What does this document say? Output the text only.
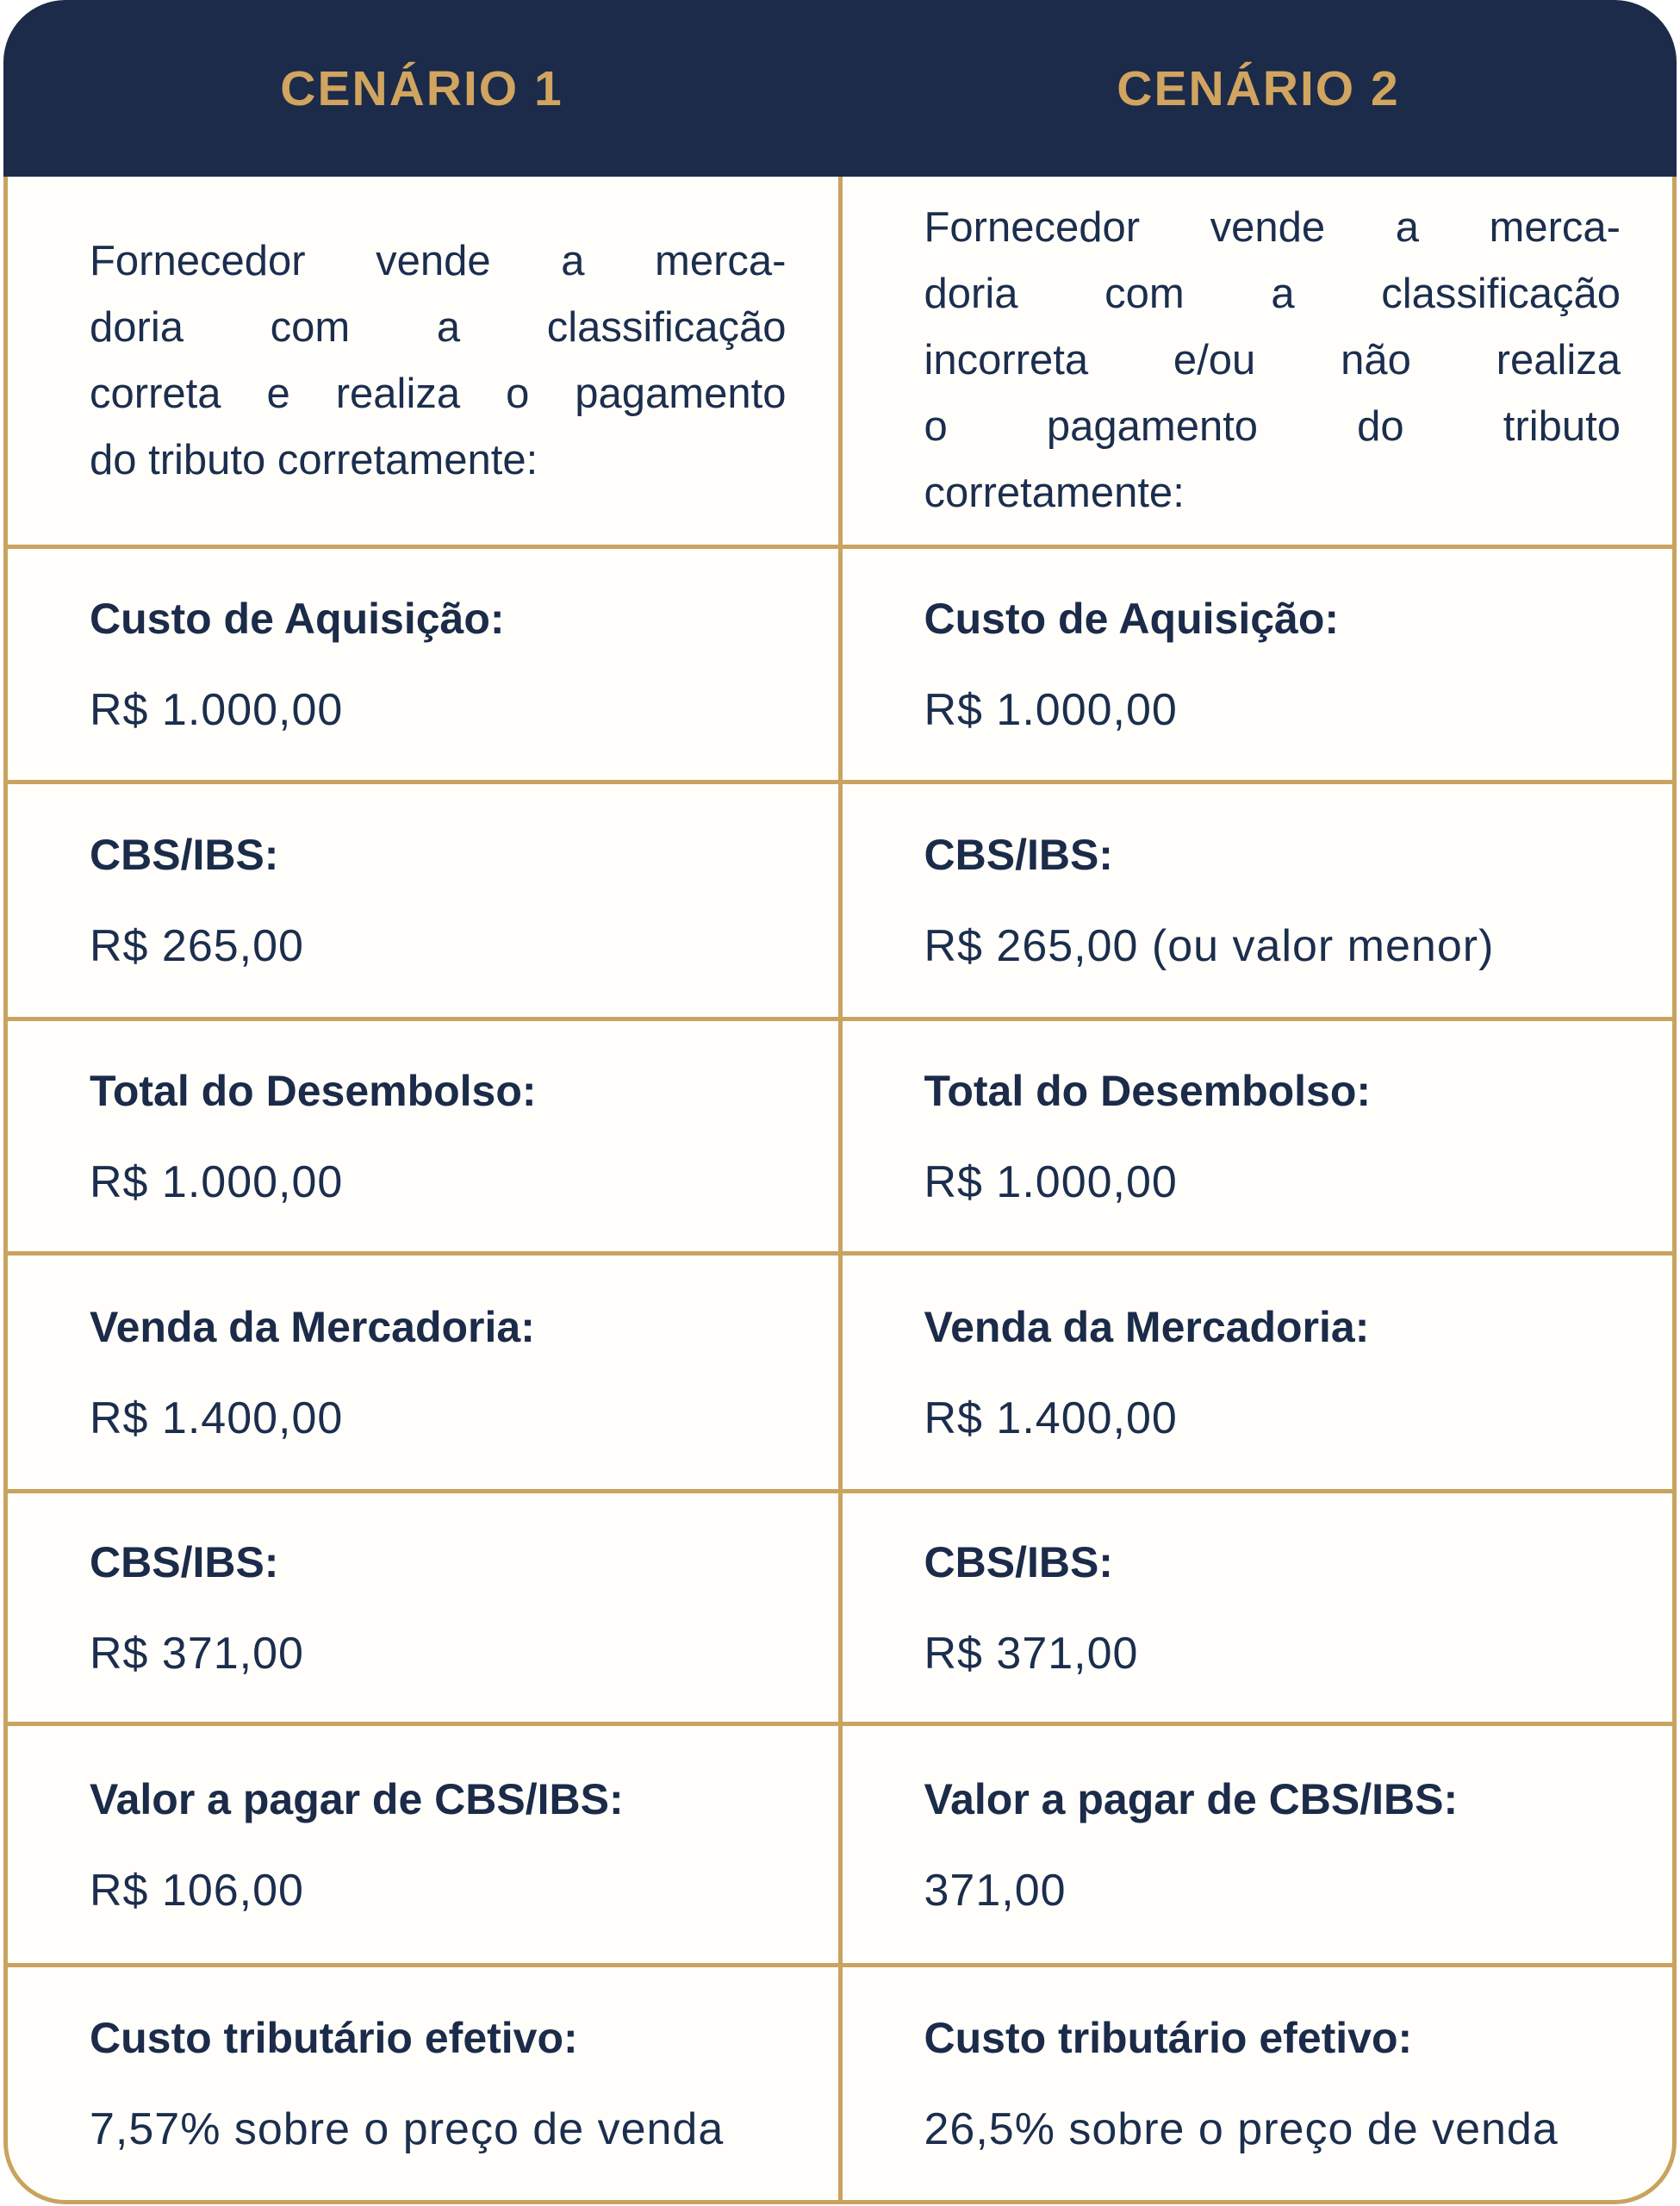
CENÁRIO 1	CENÁRIO 2
Fornecedor vende a merca-
doria com a classificação
correta e realiza o pagamento
do tributo corretamente:
Fornecedor vende a merca-
doria com a classificação
incorreta e/ou não realiza
o pagamento do tributo
corretamente:
Custo de Aquisição:
R$ 1.000,00
Custo de Aquisição:
R$ 1.000,00
CBS/IBS:
R$ 265,00
CBS/IBS:
R$ 265,00 (ou valor menor)
Total do Desembolso:
R$ 1.000,00
Total do Desembolso:
R$ 1.000,00
Venda da Mercadoria:
R$ 1.400,00
Venda da Mercadoria:
R$ 1.400,00
CBS/IBS:
R$ 371,00
CBS/IBS:
R$ 371,00
Valor a pagar de CBS/IBS:
R$ 106,00
Valor a pagar de CBS/IBS:
371,00
Custo tributário efetivo:
7,57% sobre o preço de venda
Custo tributário efetivo:
26,5% sobre o preço de venda
